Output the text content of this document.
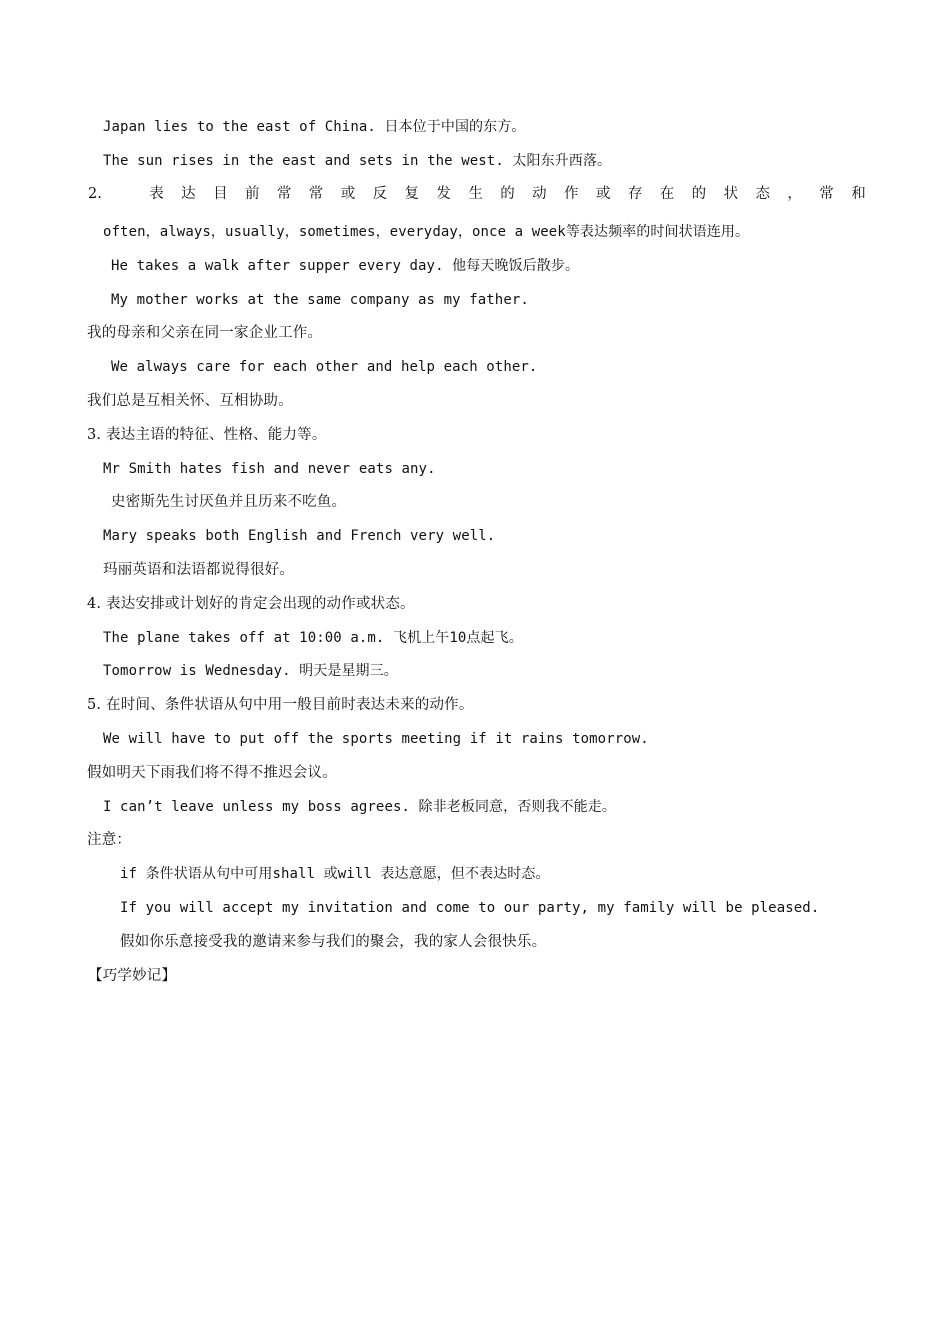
Japan lies to the east of China. 日本位于中国的东方。
The sun rises in the east and sets in the west. 太阳东升西落。
2.	表 达 目 前 常 常 或 反 复 发 生 的 动 作 或 存 在 的 状 态 ， 常 和
often，always，usually，sometimes，everyday，once a week等表达频率的时间状语连用。
He takes a walk after supper every day. 他每天晚饭后散步。
My mother works at the same company as my father.
我的母亲和父亲在同一家企业工作。
We always care for each other and help each other.
我们总是互相关怀、互相协助。
3. 表达主语的特征、性格、能力等。
Mr Smith hates fish and never eats any.
史密斯先生讨厌鱼并且历来不吃鱼。
Mary speaks both English and French very well.
玛丽英语和法语都说得很好。
4. 表达安排或计划好的肯定会出现的动作或状态。
The plane takes off at 10:00 a.m. 飞机上午10点起飞。
Tomorrow is Wednesday. 明天是星期三。
5. 在时间、条件状语从句中用一般目前时表达未来的动作。
We will have to put off the sports meeting if it rains tomorrow.
假如明天下雨我们将不得不推迟会议。
I can’t leave unless my boss agrees. 除非老板同意，否则我不能走。
注意：
if 条件状语从句中可用shall 或will 表达意愿，但不表达时态。
If you will accept my invitation and come to our party, my family will be pleased.
假如你乐意接受我的邀请来参与我们的聚会，我的家人会很快乐。
【巧学妙记】
